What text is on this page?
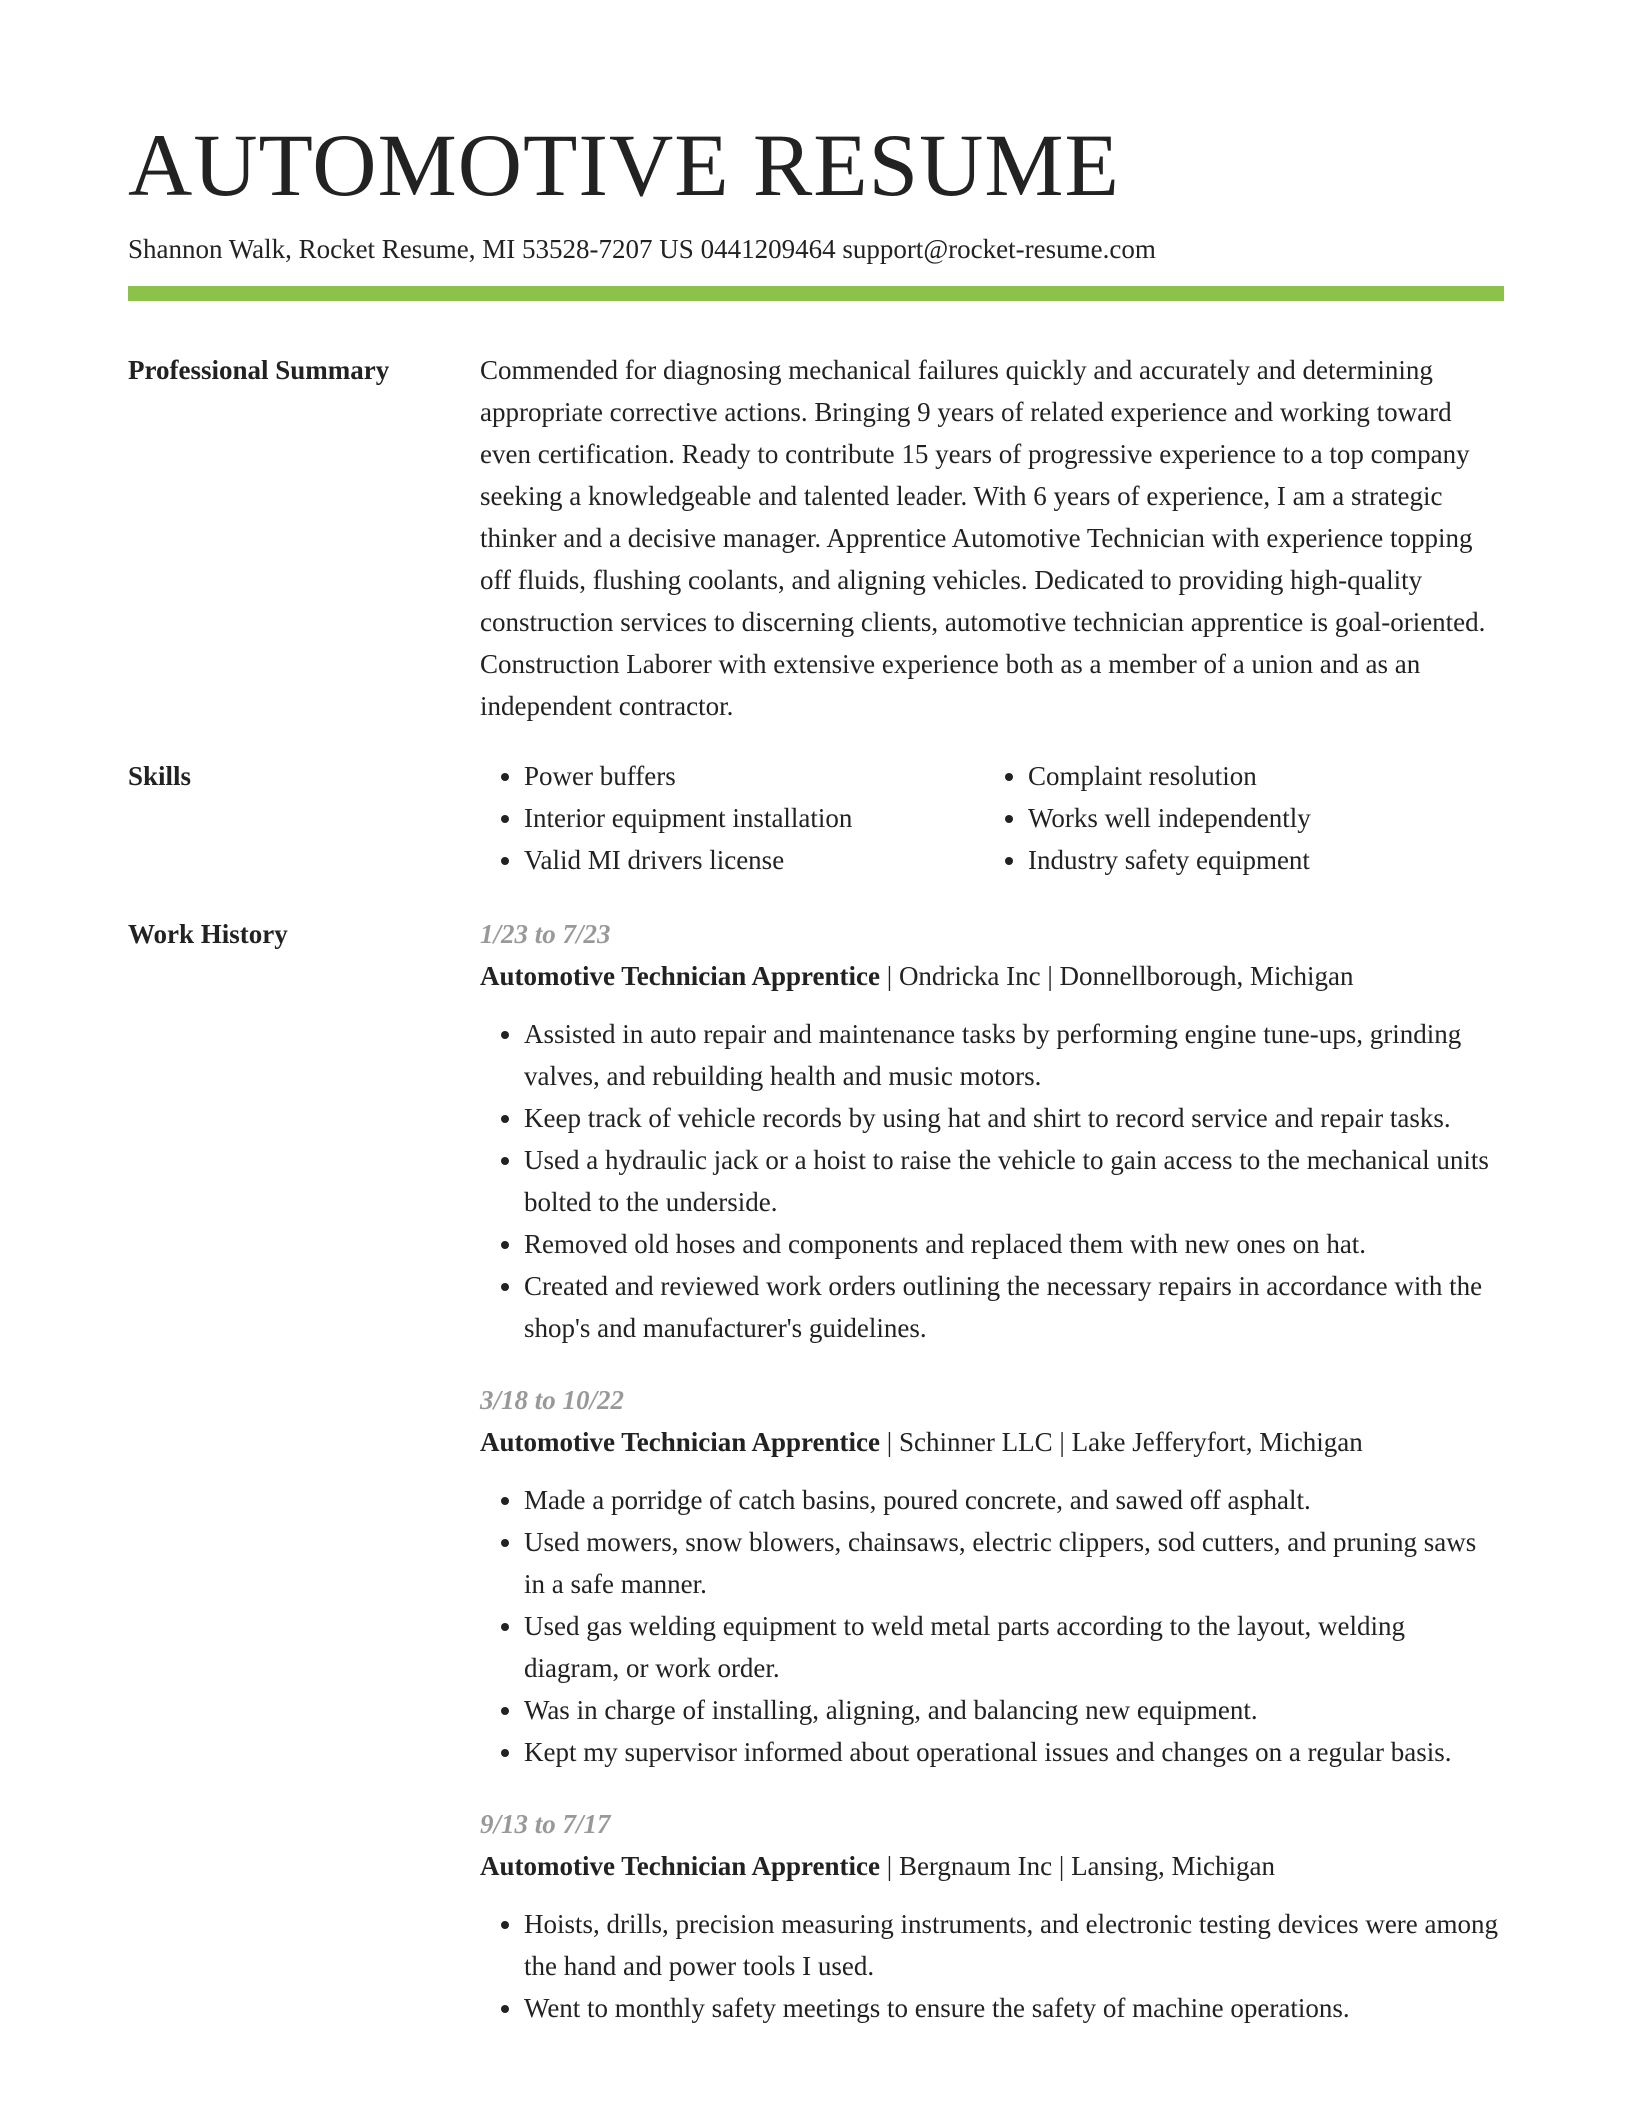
AUTOMOTIVE RESUME
Shannon Walk, Rocket Resume, MI 53528-7207 US 0441209464 support@rocket-resume.com
Professional Summary	Commended for diagnosing mechanical failures quickly and accurately and determining appropriate corrective actions. Bringing 9 years of related experience and working toward even certification. Ready to contribute 15 years of progressive experience to a top company seeking a knowledgeable and talented leader. With 6 years of experience, I am a strategic thinker and a decisive manager. Apprentice Automotive Technician with experience topping off fluids, flushing coolants, and aligning vehicles. Dedicated to providing high-quality construction services to discerning clients, automotive technician apprentice is goal-oriented. Construction Laborer with extensive experience both as a member of a union and as an independent contractor.

Skills	• Power buffers
• Interior equipment installation
• Valid MI drivers license
• Complaint resolution
• Works well independently
• Industry safety equipment
Work History	1/23 to 7/23
Automotive Technician Apprentice | Ondricka Inc | Donnellborough, Michigan
• Assisted in auto repair and maintenance tasks by performing engine tune-ups, grinding valves, and rebuilding health and music motors.
• Keep track of vehicle records by using hat and shirt to record service and repair tasks.
• Used a hydraulic jack or a hoist to raise the vehicle to gain access to the mechanical units bolted to the underside.
• Removed old hoses and components and replaced them with new ones on hat.
• Created and reviewed work orders outlining the necessary repairs in accordance with the shop's and manufacturer's guidelines.
3/18 to 10/22
Automotive Technician Apprentice | Schinner LLC | Lake Jefferyfort, Michigan
• Made a porridge of catch basins, poured concrete, and sawed off asphalt.
• Used mowers, snow blowers, chainsaws, electric clippers, sod cutters, and pruning saws in a safe manner.
• Used gas welding equipment to weld metal parts according to the layout, welding diagram, or work order.
• Was in charge of installing, aligning, and balancing new equipment.
• Kept my supervisor informed about operational issues and changes on a regular basis.
9/13 to 7/17
Automotive Technician Apprentice | Bergnaum Inc | Lansing, Michigan
• Hoists, drills, precision measuring instruments, and electronic testing devices were among the hand and power tools I used.
• Went to monthly safety meetings to ensure the safety of machine operations.
